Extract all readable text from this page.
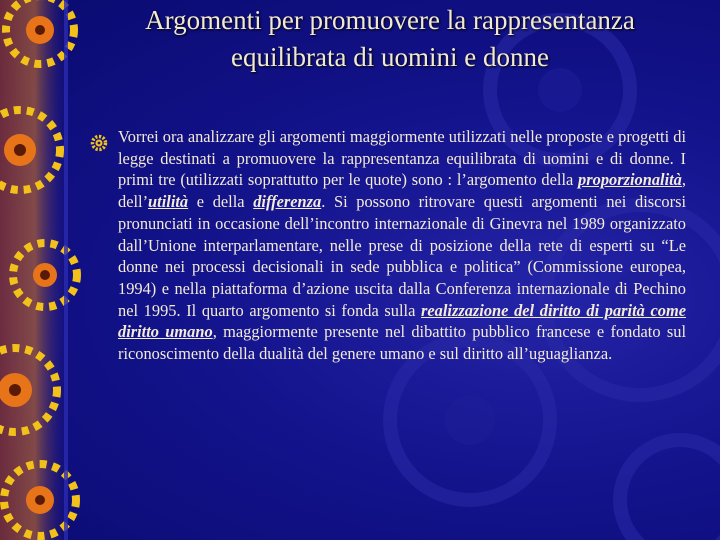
Argomenti per promuovere la rappresentanza equilibrata di uomini e donne

Vorrei ora analizzare gli argomenti maggiormente utilizzati nelle proposte e progetti di legge destinati a promuovere la rappresentanza equilibrata di uomini e di donne. I primi tre (utilizzati soprattutto per le quote) sono : l’argomento della proporzionalità, dell’utilità e della differenza. Si possono ritrovare questi argomenti nei discorsi pronunciati in occasione dell’incontro internazionale di Ginevra nel 1989 organizzato dall’Unione interparlamentare, nelle prese di posizione della rete di esperti su “Le donne nei processi decisionali in sede pubblica e politica” (Commissione europea, 1994) e nella piattaforma d’azione uscita dalla Conferenza internazionale di Pechino nel 1995. Il quarto argomento si fonda sulla realizzazione del diritto di parità come diritto umano, maggiormente presente nel dibattito pubblico francese e fondato sul riconoscimento della dualità del genere umano e sul diritto all’uguaglianza.
